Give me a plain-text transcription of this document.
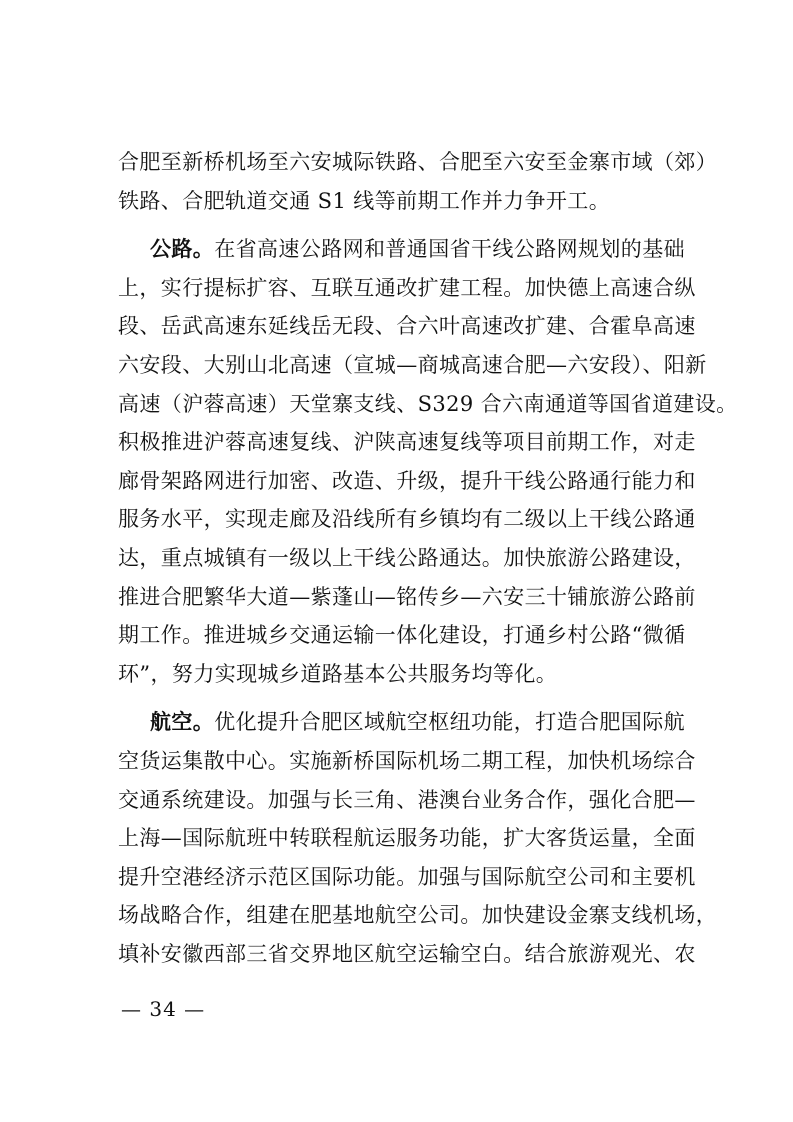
合肥至新桥机场至六安城际铁路、合肥至六安至金寨市域（郊）
铁路、合肥轨道交通 S1 线等前期工作并力争开工。
公路。在省高速公路网和普通国省干线公路网规划的基础
上，实行提标扩容、互联互通改扩建工程。加快德上高速合纵
段、岳武高速东延线岳无段、合六叶高速改扩建、合霍阜高速
六安段、大别山北高速（宣城—商城高速合肥—六安段）、阳新
高速（沪蓉高速）天堂寨支线、S329 合六南通道等国省道建设。
积极推进沪蓉高速复线、沪陕高速复线等项目前期工作，对走
廊骨架路网进行加密、改造、升级，提升干线公路通行能力和
服务水平，实现走廊及沿线所有乡镇均有二级以上干线公路通
达，重点城镇有一级以上干线公路通达。加快旅游公路建设，
推进合肥繁华大道—紫蓬山—铭传乡—六安三十铺旅游公路前
期工作。推进城乡交通运输一体化建设，打通乡村公路“微循
环”，努力实现城乡道路基本公共服务均等化。
航空。优化提升合肥区域航空枢纽功能，打造合肥国际航
空货运集散中心。实施新桥国际机场二期工程，加快机场综合
交通系统建设。加强与长三角、港澳台业务合作，强化合肥—
上海—国际航班中转联程航运服务功能，扩大客货运量，全面
提升空港经济示范区国际功能。加强与国际航空公司和主要机
场战略合作，组建在肥基地航空公司。加快建设金寨支线机场，
填补安徽西部三省交界地区航空运输空白。结合旅游观光、农
— 34 —
